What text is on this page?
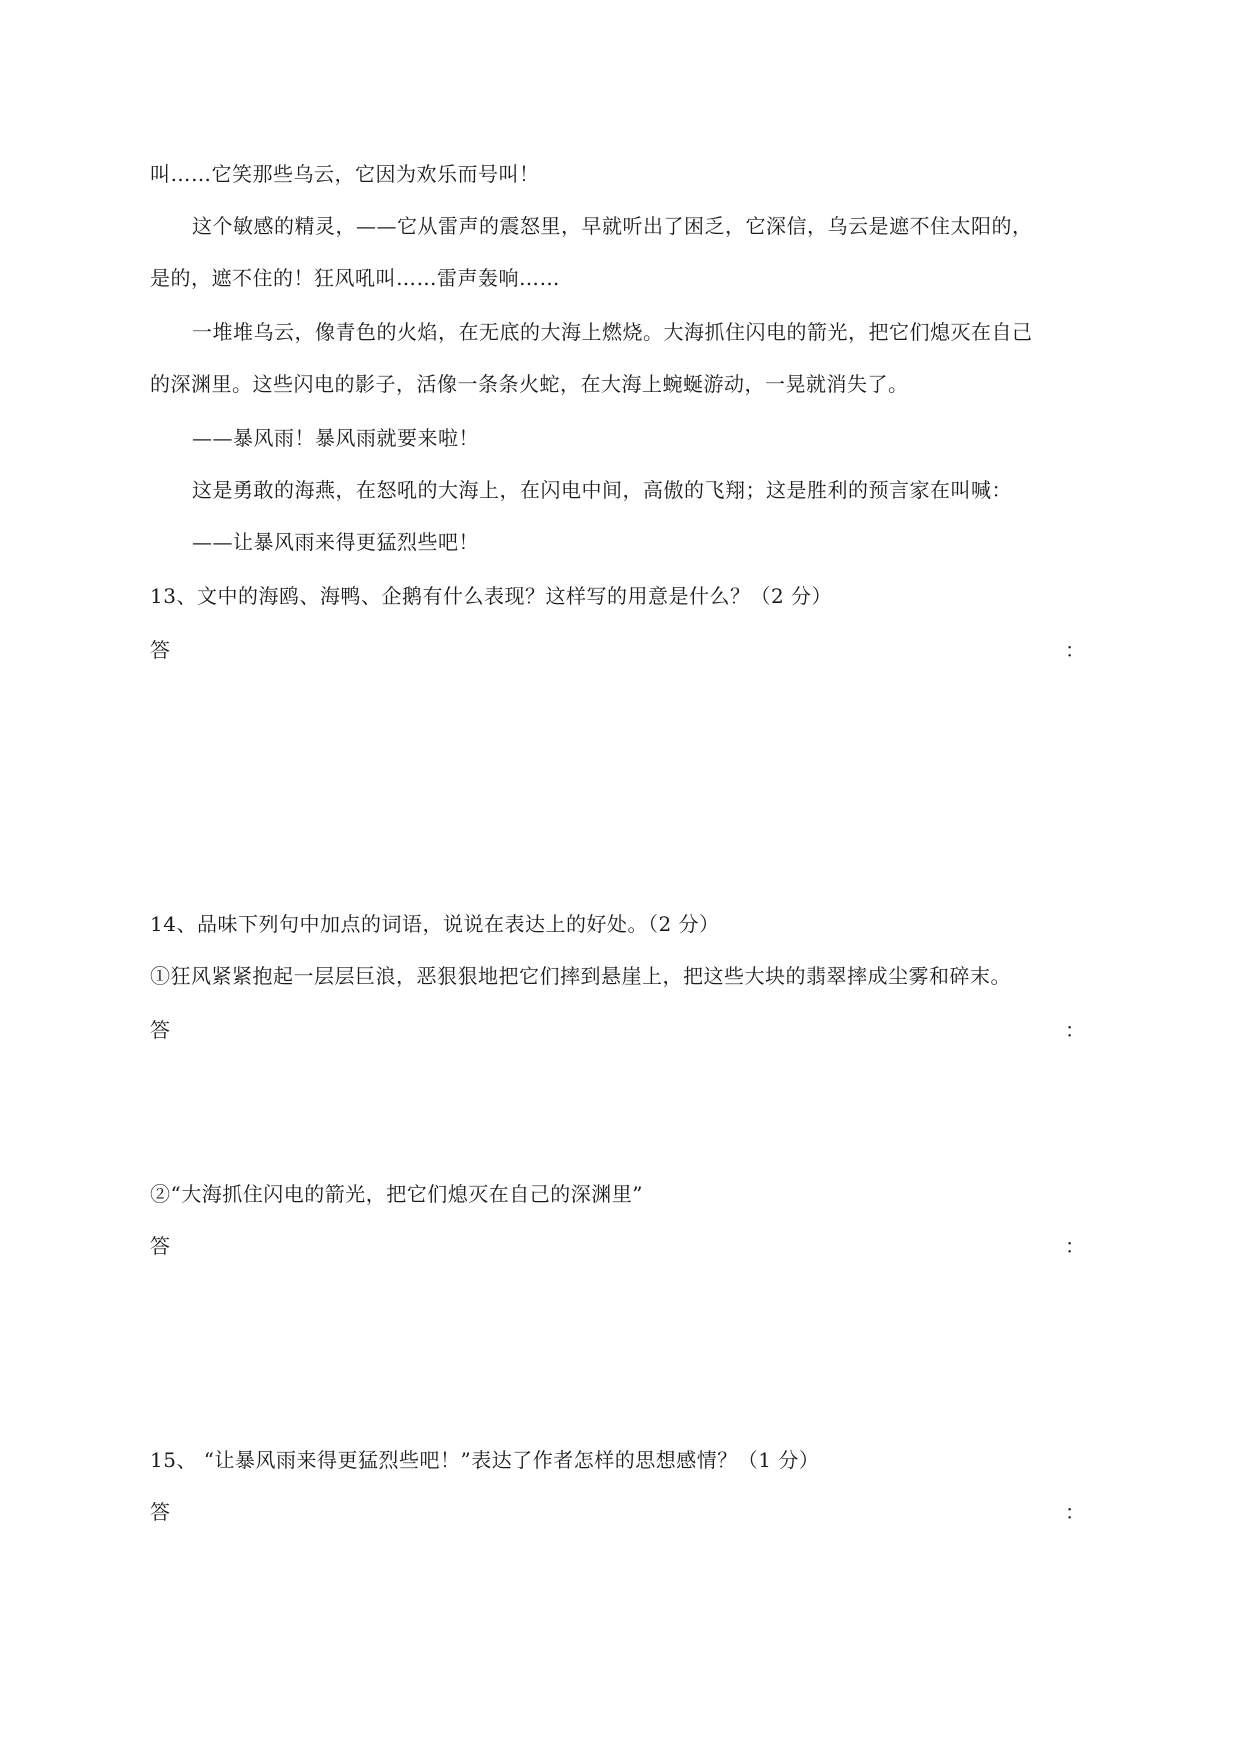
叫……它笑那些乌云，它因为欢乐而号叫！
这个敏感的精灵，——它从雷声的震怒里，早就听出了困乏，它深信，乌云是遮不住太阳的，
是的，遮不住的！狂风吼叫……雷声轰响……
一堆堆乌云，像青色的火焰，在无底的大海上燃烧。大海抓住闪电的箭光，把它们熄灭在自己
的深渊里。这些闪电的影子，活像一条条火蛇，在大海上蜿蜒游动，一晃就消失了。
——暴风雨！暴风雨就要来啦！
这是勇敢的海燕，在怒吼的大海上，在闪电中间，高傲的飞翔；这是胜利的预言家在叫喊：
——让暴风雨来得更猛烈些吧！
13、文中的海鸥、海鸭、企鹅有什么表现？这样写的用意是什么？（2 分）
答	：
14、品味下列句中加点的词语，说说在表达上的好处。（2 分）
①狂风紧紧抱起一层层巨浪，恶狠狠地把它们摔到悬崖上，把这些大块的翡翠摔成尘雾和碎末。
答	：
②“大海抓住闪电的箭光，把它们熄灭在自己的深渊里”
答	：
15、 “让暴风雨来得更猛烈些吧！”表达了作者怎样的思想感情？（1 分）
答	：
